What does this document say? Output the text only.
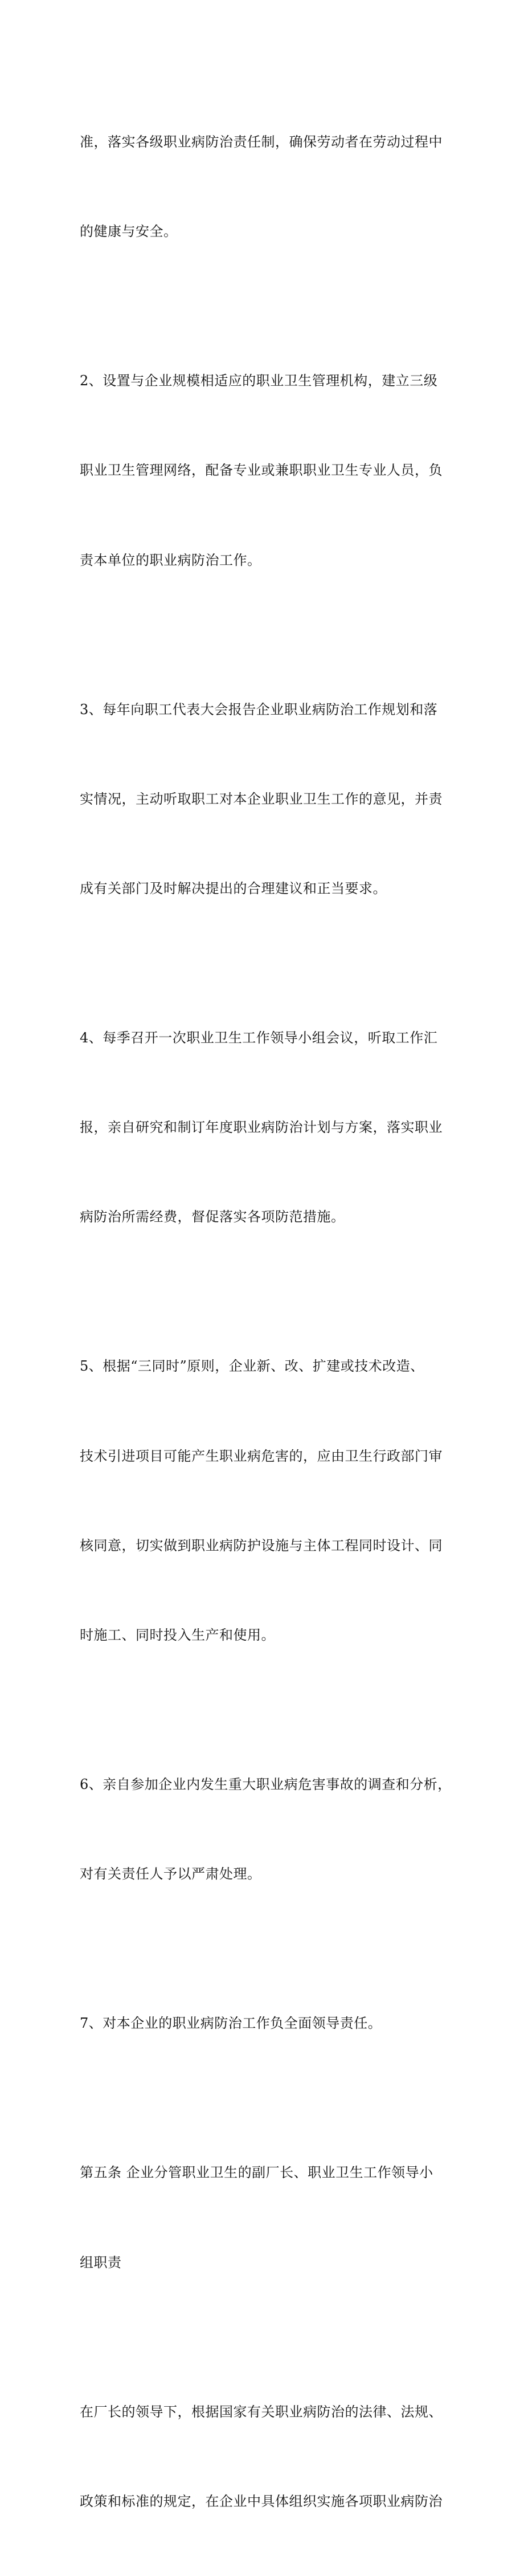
准，落实各级职业病防治责任制，确保劳动者在劳动过程中

的健康与安全。

2、设置与企业规模相适应的职业卫生管理机构，建立三级

职业卫生管理网络，配备专业或兼职职业卫生专业人员，负

责本单位的职业病防治工作。

3、每年向职工代表大会报告企业职业病防治工作规划和落

实情况，主动听取职工对本企业职业卫生工作的意见，并责

成有关部门及时解决提出的合理建议和正当要求。

4、每季召开一次职业卫生工作领导小组会议，听取工作汇

报，亲自研究和制订年度职业病防治计划与方案，落实职业

病防治所需经费，督促落实各项防范措施。

5、根据“三同时”原则，企业新、改、扩建或技术改造、

技术引进项目可能产生职业病危害的，应由卫生行政部门审

核同意，切实做到职业病防护设施与主体工程同时设计、同

时施工、同时投入生产和使用。

6、亲自参加企业内发生重大职业病危害事故的调查和分析，

对有关责任人予以严肃处理。

7、对本企业的职业病防治工作负全面领导责任。

第五条 企业分管职业卫生的副厂长、职业卫生工作领导小

组职责

在厂长的领导下，根据国家有关职业病防治的法律、法规、

政策和标准的规定，在企业中具体组织实施各项职业病防治
